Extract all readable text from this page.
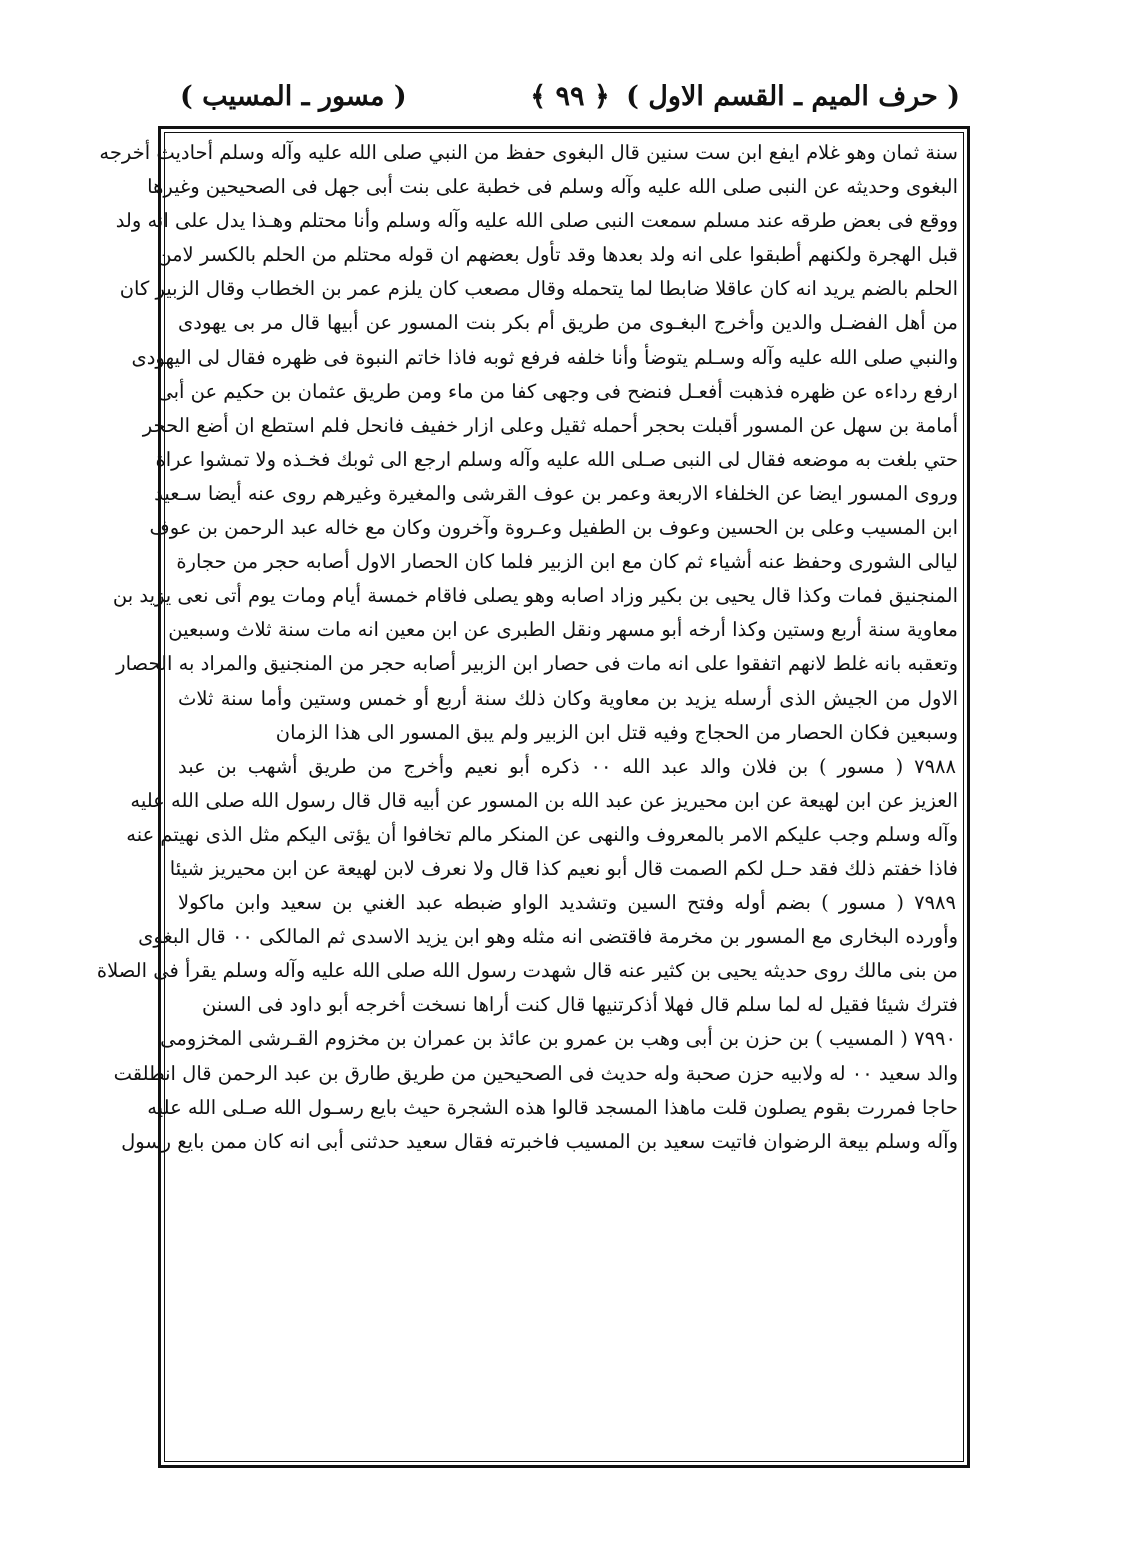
( حرف الميم ـ القسم الاول )
﴿ ٩٩ ﴾
( مسور ـ المسيب )
سنة ثمان وهو غلام ايفع ابن ست سنين قال البغوى حفظ من النبي صلى الله عليه وآله وسلم أحاديث أخرجه
البغوى وحديثه عن النبى صلى الله عليه وآله وسلم فى خطبة على بنت أبى جهل فى الصحيحين وغيرها
ووقع فى بعض طرقه عند مسلم سمعت النبى صلى الله عليه وآله وسلم وأنا محتلم وهـذا يدل على انه ولد
قبل الهجرة ولكنهم أطبقوا على انه ولد بعدها وقد تأول بعضهم ان قوله محتلم من الحلم بالكسر لامن
الحلم بالضم يريد انه كان عاقلا ضابطا لما يتحمله وقال مصعب كان يلزم عمر بن الخطاب وقال الزبير كان
من أهل الفضـل والدين وأخرج البغـوى من طريق أم بكر بنت المسور عن أبيها قال مر بى يهودى
والنبي صلى الله عليه وآله وسـلم يتوضأ وأنا خلفه فرفع ثوبه فاذا خاتم النبوة فى ظهره فقال لى اليهودى
ارفع رداءه عن ظهره فذهبت أفعـل فنضح فى وجهى كفا من ماء ومن طريق عثمان بن حكيم عن أبى
أمامة بن سهل عن المسور أقبلت بحجر أحمله ثقيل وعلى ازار خفيف فانحل فلم استطع ان أضع الحجر
حتي بلغت به موضعه فقال لى النبى صـلى الله عليه وآله وسلم ارجع الى ثوبك فخـذه ولا تمشوا عراة
وروى المسور ايضا عن الخلفاء الاربعة وعمر بن عوف القرشى والمغيرة وغيرهم روى عنه أيضا سـعيد
ابن المسيب وعلى بن الحسين وعوف بن الطفيل وعـروة وآخرون وكان مع خاله عبد الرحمن بن عوف
ليالى الشورى وحفظ عنه أشياء ثم كان مع ابن الزبير فلما كان الحصار الاول أصابه حجر من حجارة
المنجنيق فمات وكذا قال يحيى بن بكير وزاد اصابه وهو يصلى فاقام خمسة أيام ومات يوم أتى نعى يزيد بن
معاوية سنة أربع وستين وكذا أرخه أبو مسهر ونقل الطبرى عن ابن معين انه مات سنة ثلاث وسبعين
وتعقبه بانه غلط لانهم اتفقوا على انه مات فى حصار ابن الزبير أصابه حجر من المنجنيق والمراد به الحصار
الاول من الجيش الذى أرسله يزيد بن معاوية وكان ذلك سنة أربع أو خمس وستين وأما سنة ثلاث
وسبعين فكان الحصار من الحجاج وفيه قتل ابن الزبير ولم يبق المسور الى هذا الزمان
٧٩٨٨ ( مسور ) بن فلان والد عبد الله ٠٠ ذكره أبو نعيم وأخرج من طريق أشهب بن عبد
العزيز عن ابن لهيعة عن ابن محيريز عن عبد الله بن المسور عن أبيه قال قال رسول الله صلى الله عليه
وآله وسلم وجب عليكم الامر بالمعروف والنهى عن المنكر مالم تخافوا أن يؤتى اليكم مثل الذى نهيتم عنه
فاذا خفتم ذلك فقد حـل لكم الصمت قال أبو نعيم كذا قال ولا نعرف لابن لهيعة عن ابن محيريز شيئا
٧٩٨٩ ( مسور ) بضم أوله وفتح السين وتشديد الواو ضبطه عبد الغني بن سعيد وابن ماكولا
وأورده البخارى مع المسور بن مخرمة فاقتضى انه مثله وهو ابن يزيد الاسدى ثم المالكى ٠٠ قال البغوى
من بنى مالك روى حديثه يحيى بن كثير عنه قال شهدت رسول الله صلى الله عليه وآله وسلم يقرأ فى الصلاة
فترك شيئا فقيل له لما سلم قال فهلا أذكرتنيها قال كنت أراها نسخت أخرجه أبو داود فى السنن
٧٩٩٠ ( المسيب ) بن حزن بن أبى وهب بن عمرو بن عائذ بن عمران بن مخزوم القـرشى المخزومى
والد سعيد ٠٠ له ولابيه حزن صحبة وله حديث فى الصحيحين من طريق طارق بن عبد الرحمن قال انطلقت
حاجا فمررت بقوم يصلون قلت ماهذا المسجد قالوا هذه الشجرة حيث بايع رسـول الله صـلى الله عليه
وآله وسلم بيعة الرضوان فاتيت سعيد بن المسيب فاخبرته فقال سعيد حدثنى أبى انه كان ممن بايع رسول
